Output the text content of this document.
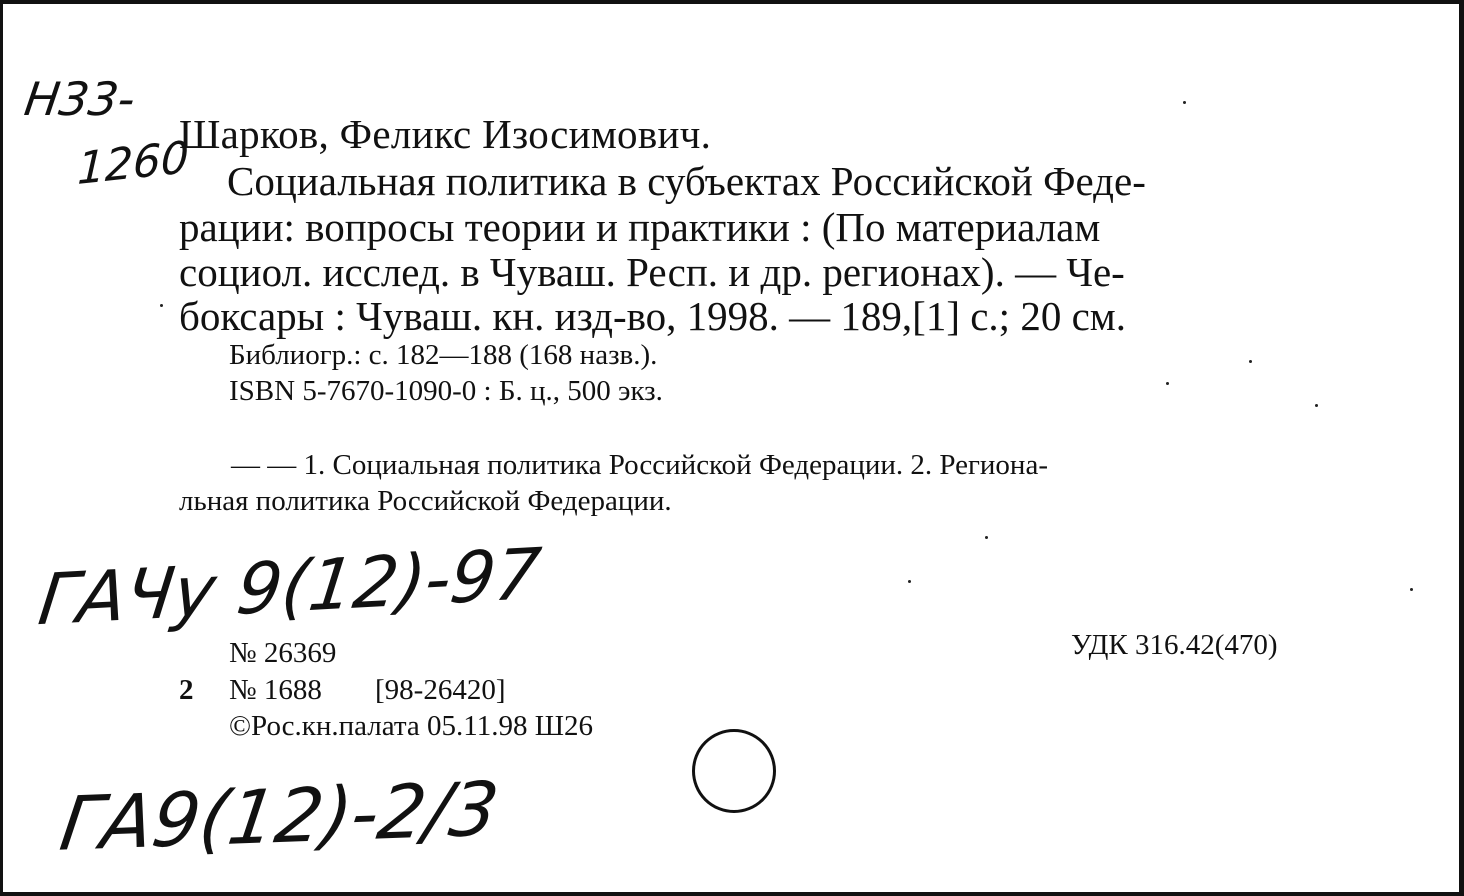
Н33-
1260
Шарков, Феликс Изосимович.
Социальная политика в субъектах Российской Феде-
рации: вопросы теории и практики : (По материалам
социол. исслед. в Чуваш. Респ. и др. регионах). — Че-
боксары : Чуваш. кн. изд-во, 1998. — 189,[1] с.; 20 см.
Библиогр.: с. 182—188 (168 назв.).
ISBN 5-7670-1090-0 : Б. ц., 500 экз.
— — 1. Социальная политика Российской Федерации. 2. Региона-
льная политика Российской Федерации.
ГАЧу 9(12)-97
№ 26369	УДК 316.42(470)
2 № 1688 [98-26420]
©Рос.кн.палата 05.11.98 Ш26
ГА9(12)-2/3
